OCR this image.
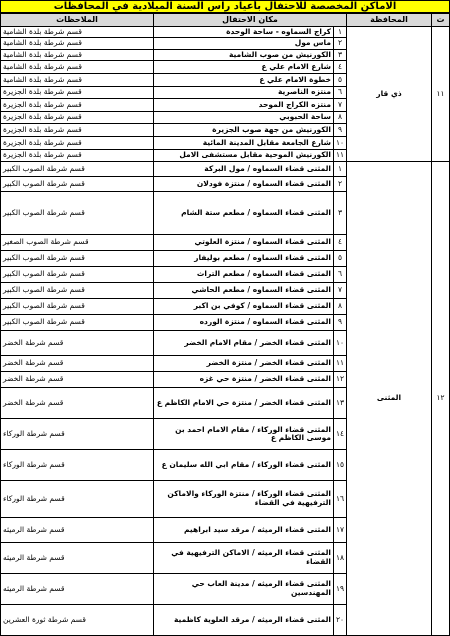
الاماكن المخصصة للاحتفال بأعياد راس السنة الميلادية في المحافظات
ت	المحافظة	مكان الاحتفال		الملاحظات
١١	ذي قار	١	كراج السماوه - ساحة الوحدة	قسم شرطة بلدة الشامية
		٢	ماس مول	قسم شرطة بلدة الشامية
		٣	الكورنيش من صوب الشامية	قسم شرطة بلدة الشامية
		٤	شارع الامام علي ع	قسم شرطة بلدة الشامية
		٥	خطوة الامام علي ع	قسم شرطة بلدة الشامية
		٦	منتزه الناصرية	قسم شرطة بلدة الجزيرة
		٧	منتزه الكراج الموحد	قسم شرطة بلدة الجزيرة
		٨	ساحة الحبوبي	قسم شرطة بلدة الجزيرة
		٩	الكورنيش من جهة صوب الجزيرة	قسم شرطة بلدة الجزيرة
		١٠	شارع الجامعة مقابل المدينة المائية	قسم شرطة بلدة الجزيرة
		١١	الكورنيش الموحية مقابل مستشفى الامل	قسم شرطة بلدة الجزيرة
١٢	المثنى	١	المثنى قضاء السماوه / مول البركة	قسم شرطة الصوب الكبير
		٢	المثنى قضاء السماوه / منتزة فودلان	قسم شرطة الصوب الكبير
		٣	المثنى قضاء السماوه / مطعم ستة الشام	قسم شرطة الصوب الكبير
		٤	المثنى قضاء السماوه / منتزة العلوتي	قسم شرطة الصوب الصغير
		٥	المثنى قضاء السماوه / مطعم بوليفار	قسم شرطة الصوب الكبير
		٦	المثنى قضاء السماوه / مطعم التراث	قسم شرطة الصوب الكبير
		٧	المثنى قضاء السماوه / مطعم الحاشي	قسم شرطة الصوب الكبير
		٨	المثنى قضاء السماوه / كوفي بن اكبر	قسم شرطة الصوب الكبير
		٩	المثنى قضاء السماوه / منتزة الورده	قسم شرطة الصوب الكبير
		١٠	المثنى قضاء الخضر / مقام الامام الخضر	قسم شرطة الخضر
		١١	المثنى قضاء الخضر / منتزة الخضر	قسم شرطة الخضر
		١٢	المثنى قضاء الخضر / منتزة حي غزه	قسم شرطة الخضر
		١٣	المثنى قضاء الخضر / منتزة حي الامام الكاظم ع	قسم شرطة الخضر
		١٤	المثنى قضاء الوركاء / مقام الامام احمد بن موسى الكاظم ع	قسم شرطة الوركاء
		١٥	المثنى قضاء الوركاء / مقام ابي الله سليمان ع	قسم شرطة الوركاء
		١٦	المثنى قضاء الوركاء / منتزة الوركاء والاماكن الترفيهية في القضاء	قسم شرطة الوركاء
		١٧	المثنى قضاء الرميثه / مرقد سيد ابراهيم	قسم شرطة الرميثه
		١٨	المثنى قضاء الرميثه / الاماكن الترفيهية في القضاء	قسم شرطة الرميثه
		١٩	المثنى قضاء الرميثه / مدينة العاب حي المهندسين	قسم شرطة الرميثه
		٢٠	المثنى قضاء الرميثه / مرقد العلوية كاظمية	قسم شرطة ثورة العشرين
